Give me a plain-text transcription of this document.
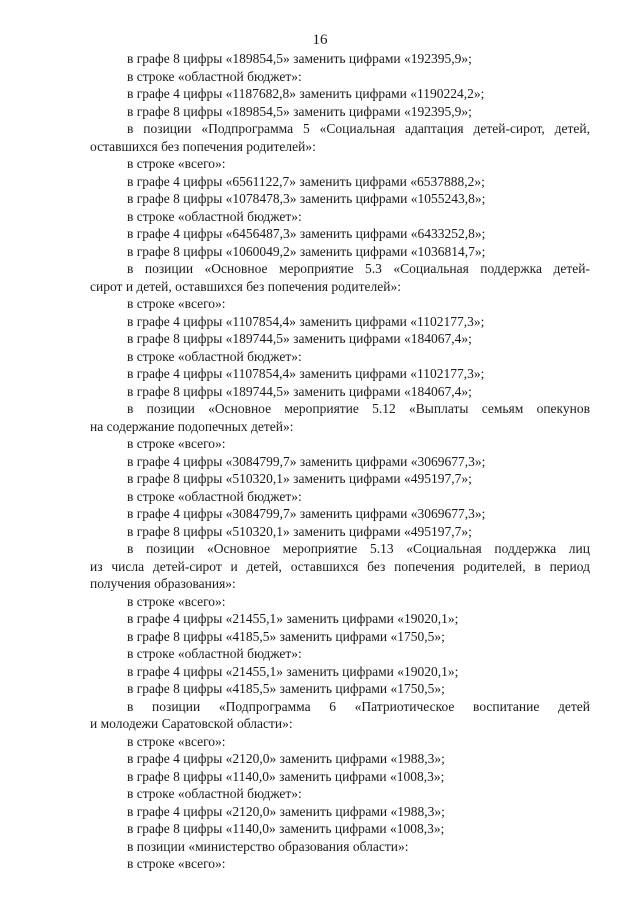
16
в графе 8 цифры «189854,5» заменить цифрами «192395,9»;
в строке «областной бюджет»:
в графе 4 цифры «1187682,8» заменить цифрами «1190224,2»;
в графе 8 цифры «189854,5» заменить цифрами «192395,9»;
в позиции «Подпрограмма 5 «Социальная адаптация детей-сирот, детей,
оставшихся без попечения родителей»:
в строке «всего»:
в графе 4 цифры «6561122,7» заменить цифрами «6537888,2»;
в графе 8 цифры «1078478,3» заменить цифрами «1055243,8»;
в строке «областной бюджет»:
в графе 4 цифры «6456487,3» заменить цифрами «6433252,8»;
в графе 8 цифры «1060049,2» заменить цифрами «1036814,7»;
в позиции «Основное мероприятие 5.3 «Социальная поддержка детей-
сирот и детей, оставшихся без попечения родителей»:
в строке «всего»:
в графе 4 цифры «1107854,4» заменить цифрами «1102177,3»;
в графе 8 цифры «189744,5» заменить цифрами «184067,4»;
в строке «областной бюджет»:
в графе 4 цифры «1107854,4» заменить цифрами «1102177,3»;
в графе 8 цифры «189744,5» заменить цифрами «184067,4»;
в позиции «Основное мероприятие 5.12 «Выплаты семьям опекунов
на содержание подопечных детей»:
в строке «всего»:
в графе 4 цифры «3084799,7» заменить цифрами «3069677,3»;
в графе 8 цифры «510320,1» заменить цифрами «495197,7»;
в строке «областной бюджет»:
в графе 4 цифры «3084799,7» заменить цифрами «3069677,3»;
в графе 8 цифры «510320,1» заменить цифрами «495197,7»;
в позиции «Основное мероприятие 5.13 «Социальная поддержка лиц
из числа детей-сирот и детей, оставшихся без попечения родителей, в период
получения образования»:
в строке «всего»:
в графе 4 цифры «21455,1» заменить цифрами «19020,1»;
в графе 8 цифры «4185,5» заменить цифрами «1750,5»;
в строке «областной бюджет»:
в графе 4 цифры «21455,1» заменить цифрами «19020,1»;
в графе 8 цифры «4185,5» заменить цифрами «1750,5»;
в позиции «Подпрограмма 6 «Патриотическое воспитание детей
и молодежи Саратовской области»:
в строке «всего»:
в графе 4 цифры «2120,0» заменить цифрами «1988,3»;
в графе 8 цифры «1140,0» заменить цифрами «1008,3»;
в строке «областной бюджет»:
в графе 4 цифры «2120,0» заменить цифрами «1988,3»;
в графе 8 цифры «1140,0» заменить цифрами «1008,3»;
в позиции «министерство образования области»:
в строке «всего»:
